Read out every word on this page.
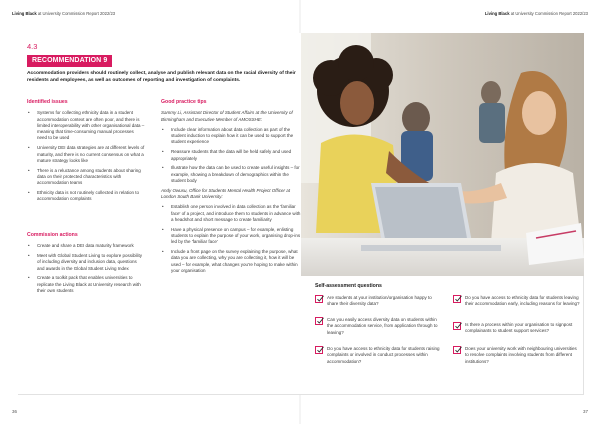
Living Black at University Commission Report 2022/23
36
Living Black at University Commission Report 2022/23
37
4.3
RECOMMENDATION 9
Accommodation providers should routinely collect, analyse and publish relevant data on the racial diversity of their residents and employees, as well as outcomes of reporting and investigation of complaints.
Identified issues
• Systems for collecting ethnicity data in a student accommodation context are often poor, and there is limited interoperability with other organisational data – meaning that time-consuming manual processes need to be used
• University DEI data strategies are at different levels of maturity, and there is no current consensus on what a mature strategy looks like
• There is a reluctance among students about sharing data on their protected characteristics with accommodation teams
• Ethnicity data is not routinely collected in relation to accommodation complaints
Commission actions
• Create and share a DEI data maturity framework
• Meet with Global Student Living to explore possibility of including diversity and inclusion data, questions and awards in the Global Student Living Index
• Create a toolkit pack that enables universities to replicate the Living Black at University research with their own students
Good practice tips
Sammy Li, Assistant Director of Student Affairs at the University of Birmingham and Executive Member of AMOSSHE:
• Include clear information about data collection as part of the student induction to explain how it can be used to support the student experience
• Reassure students that the data will be held safely and used appropriately
• Illustrate how the data can be used to create useful insights – for example, showing a breakdown of demographics within the student body
Andy Owusu, Office for Students Mental Health Project Officer at London South Bank University:
• Establish one person involved in data collection as the 'familiar face' of a project, and introduce them to students in advance with a headshot and short message to create familiarity
• Have a physical presence on campus – for example, enlisting students to explain the purpose of your work, organising drop-ins led by the 'familiar face'
• Include a front page on the survey explaining the purpose, what data you are collecting, why you are collecting it, how it will be used – for example, what changes you're hoping to make within your organisation
Self-assessment questions
Are students at your institution/organisation happy to share their diversity data?
Do you have access to ethnicity data for students leaving their accommodation early, including reasons for leaving?
Can you easily access diversity data on students within the accommodation service, from application through to leaving?
Is there a process within your organisation to signpost complainants to student support services?
Do you have access to ethnicity data for students raising complaints or involved in conduct processes within accommodation?
Does your university work with neighbouring universities to resolve complaints involving students from different institutions?
